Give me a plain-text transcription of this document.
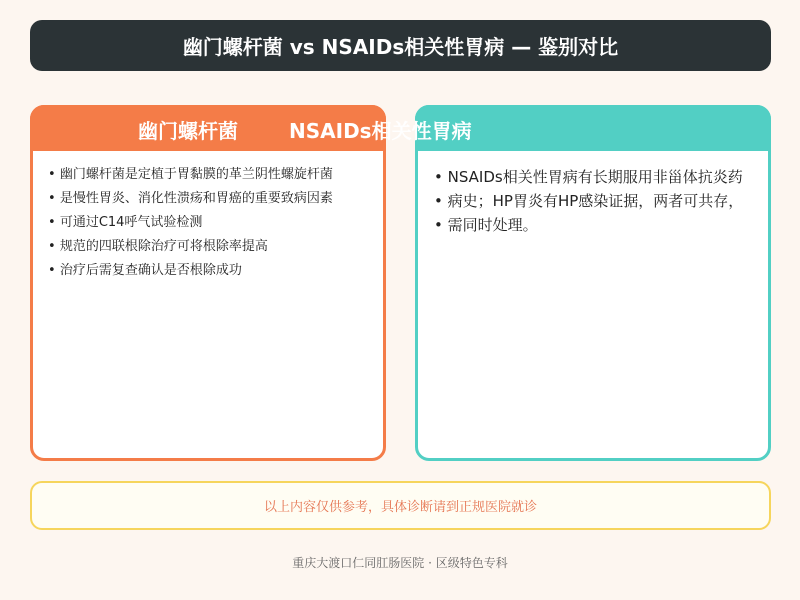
幽门螺杆菌 vs NSAIDs相关性胃病 — 鉴别对比
幽门螺杆菌	NSAIDs相关性胃病
• 幽门螺杆菌是定植于胃黏膜的革兰阴性螺旋杆菌
• 是慢性胃炎、消化性溃疡和胃癌的重要致病因素
• 可通过C14呼气试验检测
• 规范的四联根除治疗可将根除率提高
• 治疗后需复查确认是否根除成功
• NSAIDs相关性胃病有长期服用非甾体抗炎药
• 病史；HP胃炎有HP感染证据，两者可共存，
• 需同时处理。
以上内容仅供参考，具体诊断请到正规医院就诊
重庆大渡口仁同肛肠医院 · 区级特色专科
